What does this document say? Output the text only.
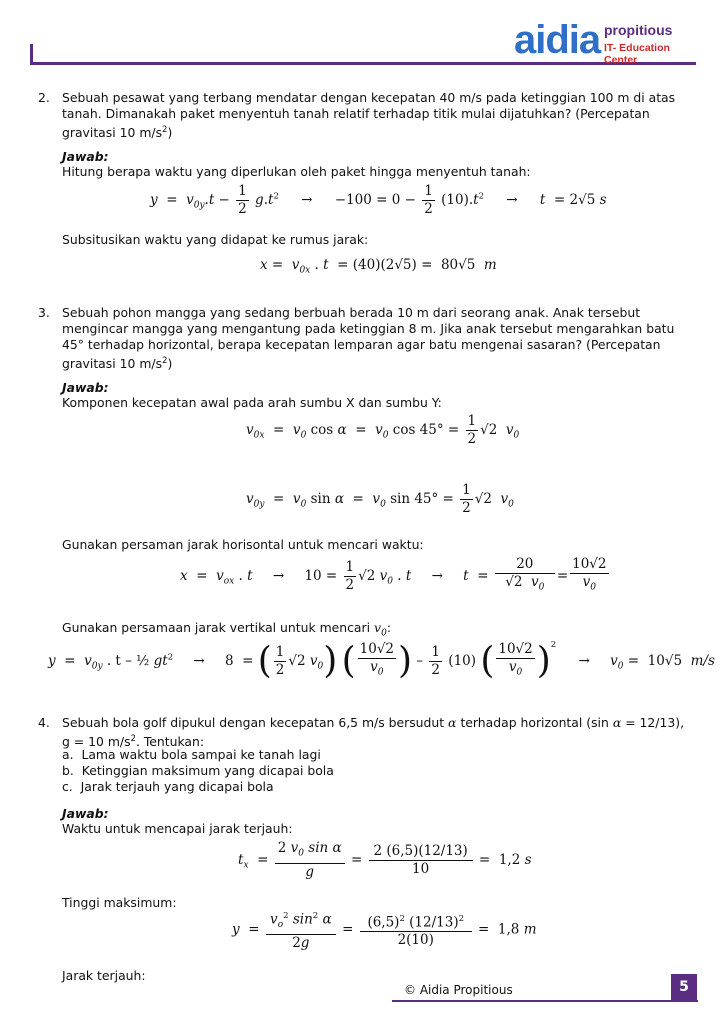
aidia propitious
IT- Education Center
2. Sebuah pesawat yang terbang mendatar dengan kecepatan 40 m/s pada ketinggian 100 m di atas
tanah. Dimanakah paket menyentuh tanah relatif terhadap titik mulai dijatuhkan? (Percepatan
gravitasi 10 $m/s^2$)
Jawab:
Hitung berapa waktu yang diperlukan oleh paket hingga menyentuh tanah:
$y = v_{0y}.t - \frac{1}{2} g.t^2 \to -100 = 0 - \frac{1}{2} (10).t^2 \to t = 2√5$ s
Subsitusikan waktu yang didapat ke rumus jarak:
$x = v_{0x}$ . t  = (40)(2√5) =  80√5  m
3. Sebuah pohon mangga yang sedang berbuah berada 10 m dari seorang anak. Anak tersebut
mengincar mangga yang mengantung pada ketinggian 8 m. Jika anak tersebut mengarahkan batu
45° terhadap horizontal, berapa kecepatan lemparan agar batu mengenai sasaran? (Percepatan
gravitasi 10 $m/s^2$)
Jawab:
Komponen kecepatan awal pada arah sumbu X dan sumbu Y:
$v_{0x} = v_0$ $\cos \alpha = v_0$ $\cos 45^\circ = \frac{1}{2} √2$  $v_0$
$v_{0y} = v_0$ $\sin \alpha = v_0$ $\sin 45^\circ = \frac{1}{2} √2$  $v_0$
Gunakan persaman jarak horisontal untuk mencari waktu:
$x = v_{ox}$ . $t \to 10 = \frac{1}{2} √2$ $v_0$ . $t \to t = \frac{20}{√2 v_0} = \frac{10√2}{v_0}$
Gunakan persamaan jarak vertikal untuk mencari $v_0$:
$y = v_{0y}$ . t – ½ $gt^2 \to 8$  = ( $\frac{1}{2} √2$ $v_0$) ( $\frac{10√2}{v_0}$ ) – $\frac{1}{2} (10)$ ( $\frac{10√2}{v_0} )^2 \to v_0 = 10√5$  m/s
4. Sebuah bola golf dipukul dengan kecepatan 6,5 m/s bersudut α terhadap horizontal (sin α = 12/13),
g = 10 $m/s^2$. Tentukan:
a. Lama waktu bola sampai ke tanah lagi
b. Ketinggian maksimum yang dicapai bola
c. Jarak terjauh yang dicapai bola
Jawab:
Waktu untuk mencapai jarak terjauh:
$t_x = \frac{2 v_0 \sin \alpha}{g} = \frac{2 (6,5)(12/13)}{10} = 1,2$ s
Tinggi maksimum:
$y = \frac{v_o^2 \sin^2 \alpha}{2g} = \frac{(6,5)^2 (12/13)^2}{2(10)} = 1,8$ m
Jarak terjauh:
© Aidia Propitious	5
